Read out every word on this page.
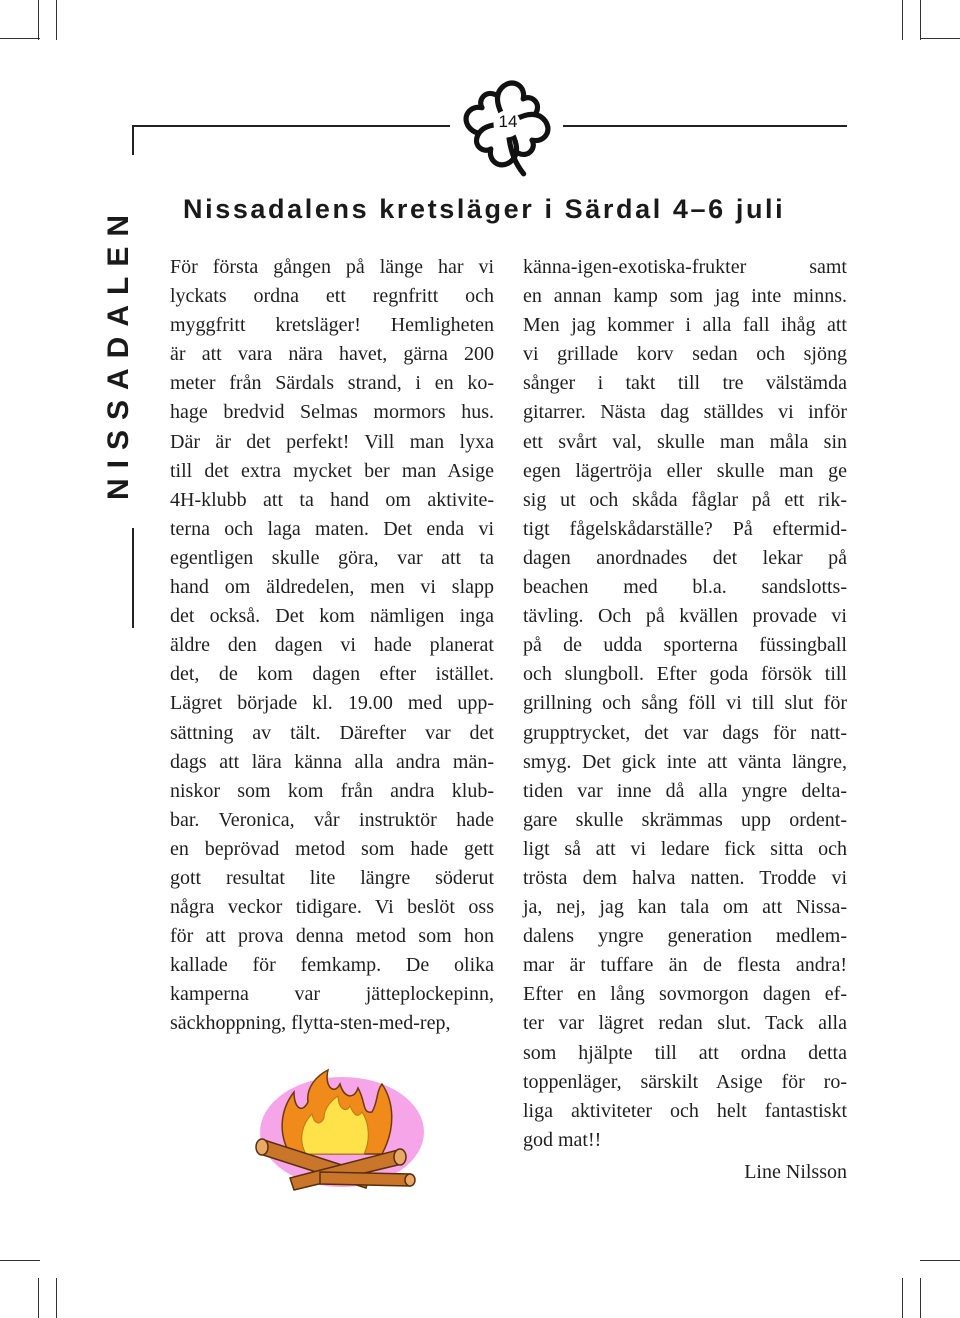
14
NISSADALEN Nissadalens kretsläger i Särdal 4–6 juli
För första gången på länge har vi
lyckats ordna ett regnfritt och
myggfritt kretsläger! Hemligheten
är att vara nära havet, gärna 200
meter från Särdals strand, i en ko-
hage bredvid Selmas mormors hus.
Där är det perfekt! Vill man lyxa
till det extra mycket ber man Asige
4H-klubb att ta hand om aktivite-
terna och laga maten. Det enda vi
egentligen skulle göra, var att ta
hand om äldredelen, men vi slapp
det också. Det kom nämligen inga
äldre den dagen vi hade planerat
det, de kom dagen efter istället.
Lägret började kl. 19.00 med upp-
sättning av tält. Därefter var det
dags att lära känna alla andra män-
niskor som kom från andra klub-
bar. Veronica, vår instruktör hade
en beprövad metod som hade gett
gott resultat lite längre söderut
några veckor tidigare. Vi beslöt oss
för att prova denna metod som hon
kallade för femkamp. De olika
kamperna var jätteplockepinn,
säckhoppning, flytta-sten-med-rep,
känna-igen-exotiska-frukter samt
en annan kamp som jag inte minns.
Men jag kommer i alla fall ihåg att
vi grillade korv sedan och sjöng
sånger i takt till tre välstämda
gitarrer. Nästa dag ställdes vi inför
ett svårt val, skulle man måla sin
egen lägertröja eller skulle man ge
sig ut och skåda fåglar på ett rik-
tigt fågelskådarställe? På eftermid-
dagen anordnades det lekar på
beachen med bl.a. sandslotts-
tävling. Och på kvällen provade vi
på de udda sporterna füssingball
och slungboll. Efter goda försök till
grillning och sång föll vi till slut för
grupptrycket, det var dags för natt-
smyg. Det gick inte att vänta längre,
tiden var inne då alla yngre delta-
gare skulle skrämmas upp ordent-
ligt så att vi ledare fick sitta och
trösta dem halva natten. Trodde vi
ja, nej, jag kan tala om att Nissa-
dalens yngre generation medlem-
mar är tuffare än de flesta andra!
Efter en lång sovmorgon dagen ef-
ter var lägret redan slut. Tack alla
som hjälpte till att ordna detta
toppenläger, särskilt Asige för ro-
liga aktiviteter och helt fantastiskt
god mat!!
Line Nilsson
